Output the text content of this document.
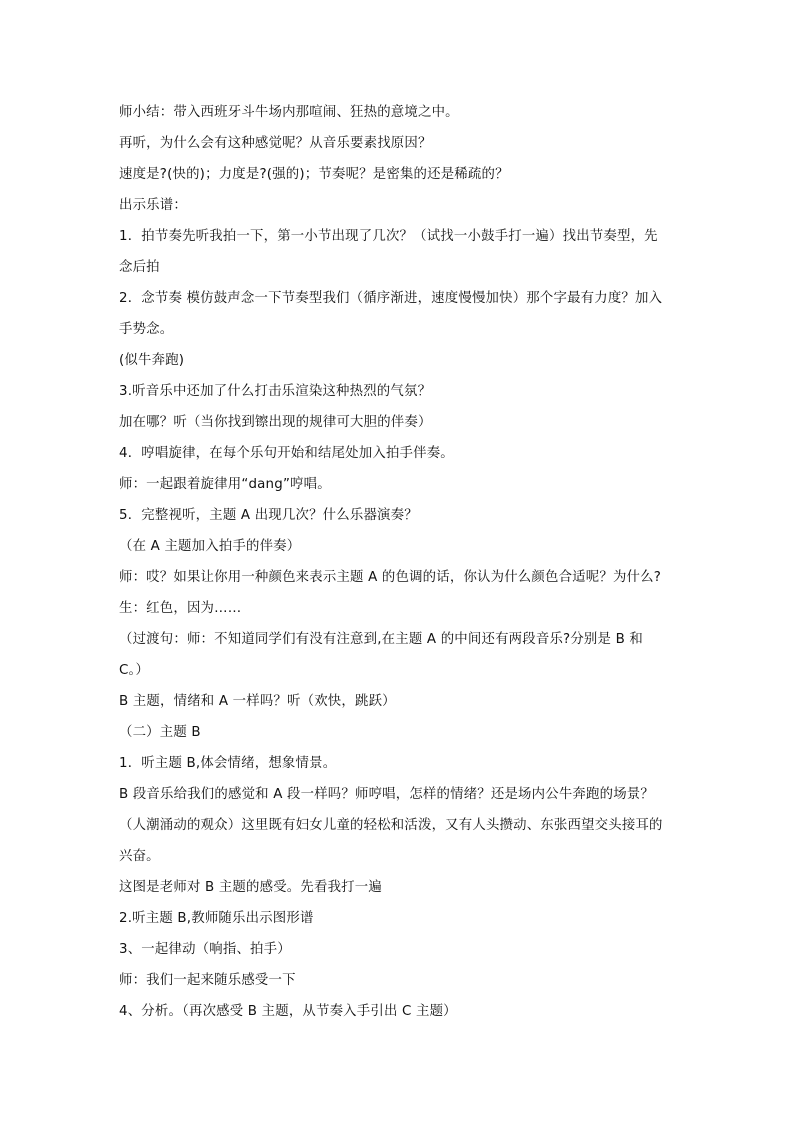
师小结：带入西班牙斗牛场内那喧闹、狂热的意境之中。
再听，为什么会有这种感觉呢？从音乐要素找原因？
速度是?(快的)；力度是?(强的)；节奏呢？是密集的还是稀疏的？
出示乐谱：
1．拍节奏先听我拍一下，第一小节出现了几次？（试找一小鼓手打一遍）找出节奏型，先
念后拍
2．念节奏 模仿鼓声念一下节奏型我们（循序渐进，速度慢慢加快）那个字最有力度？加入
手势念。
(似牛奔跑)
3.听音乐中还加了什么打击乐渲染这种热烈的气氛？
加在哪？听（当你找到镲出现的规律可大胆的伴奏）
4．哼唱旋律，在每个乐句开始和结尾处加入拍手伴奏。
师：一起跟着旋律用“dang”哼唱。
5．完整视听，主题 A 出现几次？什么乐器演奏？
（在 A 主题加入拍手的伴奏）
师：哎？如果让你用一种颜色来表示主题 A 的色调的话，你认为什么颜色合适呢？为什么?
生：红色，因为……
（过渡句：师：不知道同学们有没有注意到,在主题 A 的中间还有两段音乐?分别是 B 和
C。）
B 主题，情绪和 A 一样吗？听（欢快，跳跃）
（二）主题 B
1．听主题 B,体会情绪，想象情景。
B 段音乐给我们的感觉和 A 段一样吗？师哼唱，怎样的情绪？还是场内公牛奔跑的场景？
（人潮涌动的观众）这里既有妇女儿童的轻松和活泼，又有人头攒动、东张西望交头接耳的
兴奋。
这图是老师对 B 主题的感受。先看我打一遍
2.听主题 B,教师随乐出示图形谱
3、一起律动（响指、拍手）
师：我们一起来随乐感受一下
4、分析。（再次感受 B 主题，从节奏入手引出 C 主题）
